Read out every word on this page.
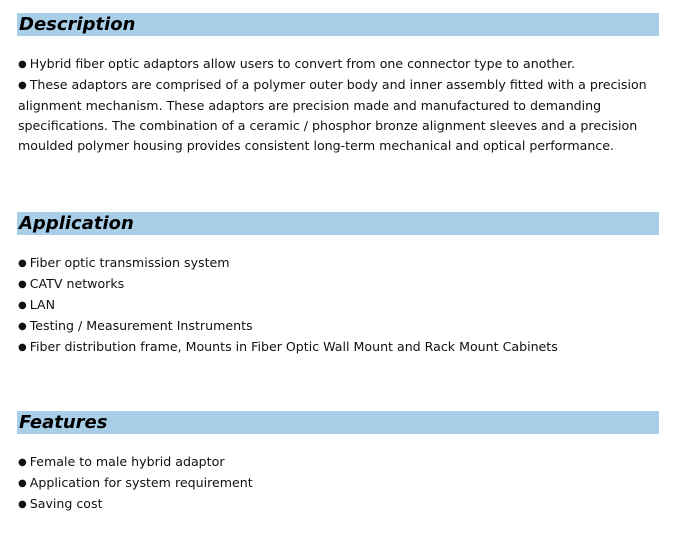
Description

● Hybrid fiber optic adaptors allow users to convert from one connector type to another.

● These adaptors are comprised of a polymer outer body and inner assembly fitted with a precision alignment mechanism. These adaptors are precision made and manufactured to demanding specifications. The combination of a ceramic / phosphor bronze alignment sleeves and a precision moulded polymer housing provides consistent long-term mechanical and optical performance.

Application

● Fiber optic transmission system

● CATV networks

● LAN

● Testing / Measurement Instruments

● Fiber distribution frame, Mounts in Fiber Optic Wall Mount and Rack Mount Cabinets

Features

● Female to male hybrid adaptor

● Application for system requirement

● Saving cost
